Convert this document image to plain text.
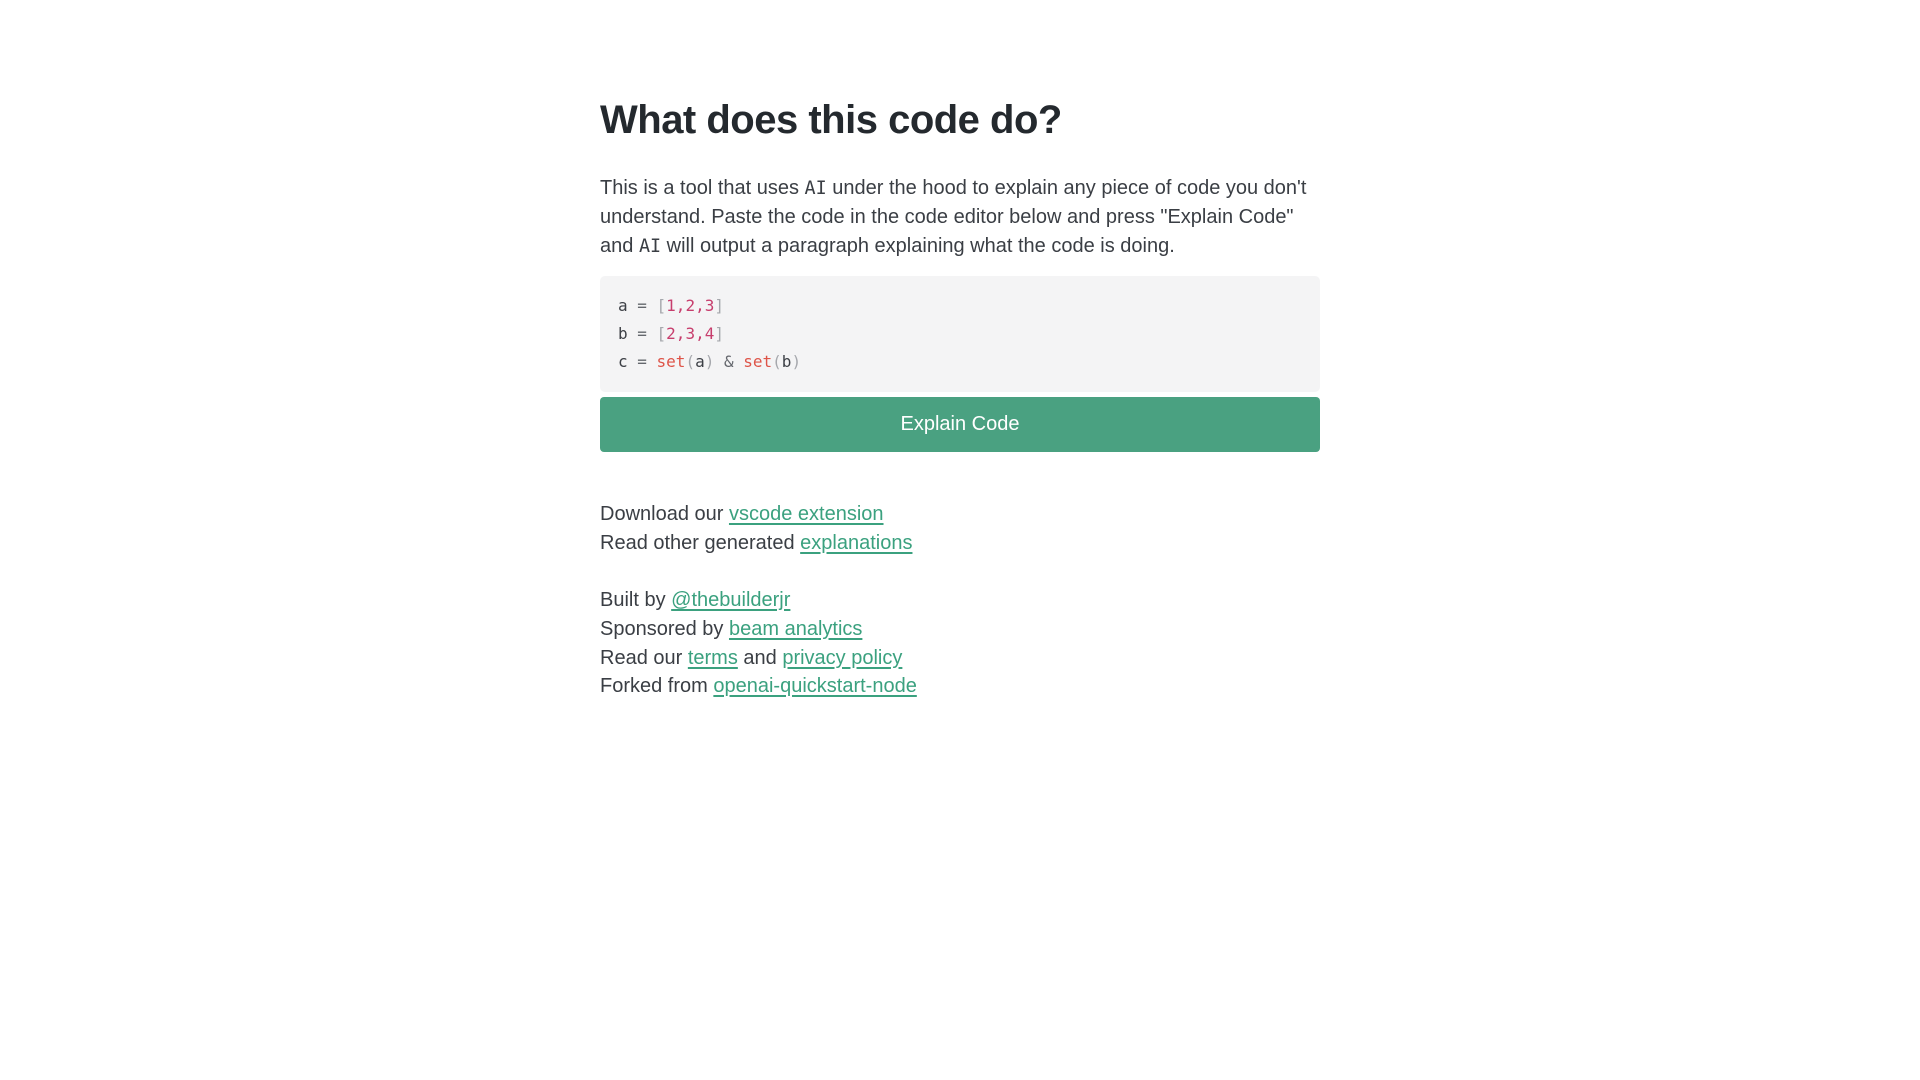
What does this code do?

This is a tool that uses AI under the hood to explain any piece of code you don't understand. Paste the code in the code editor below and press "Explain Code" and AI will output a paragraph explaining what the code is doing.

a = [1,2,3]
b = [2,3,4]
c = set(a) & set(b)
Explain Code
Download our vscode extension
Read other generated explanations
Built by @thebuilderjr
Sponsored by beam analytics
Read our terms and privacy policy
Forked from openai-quickstart-node
